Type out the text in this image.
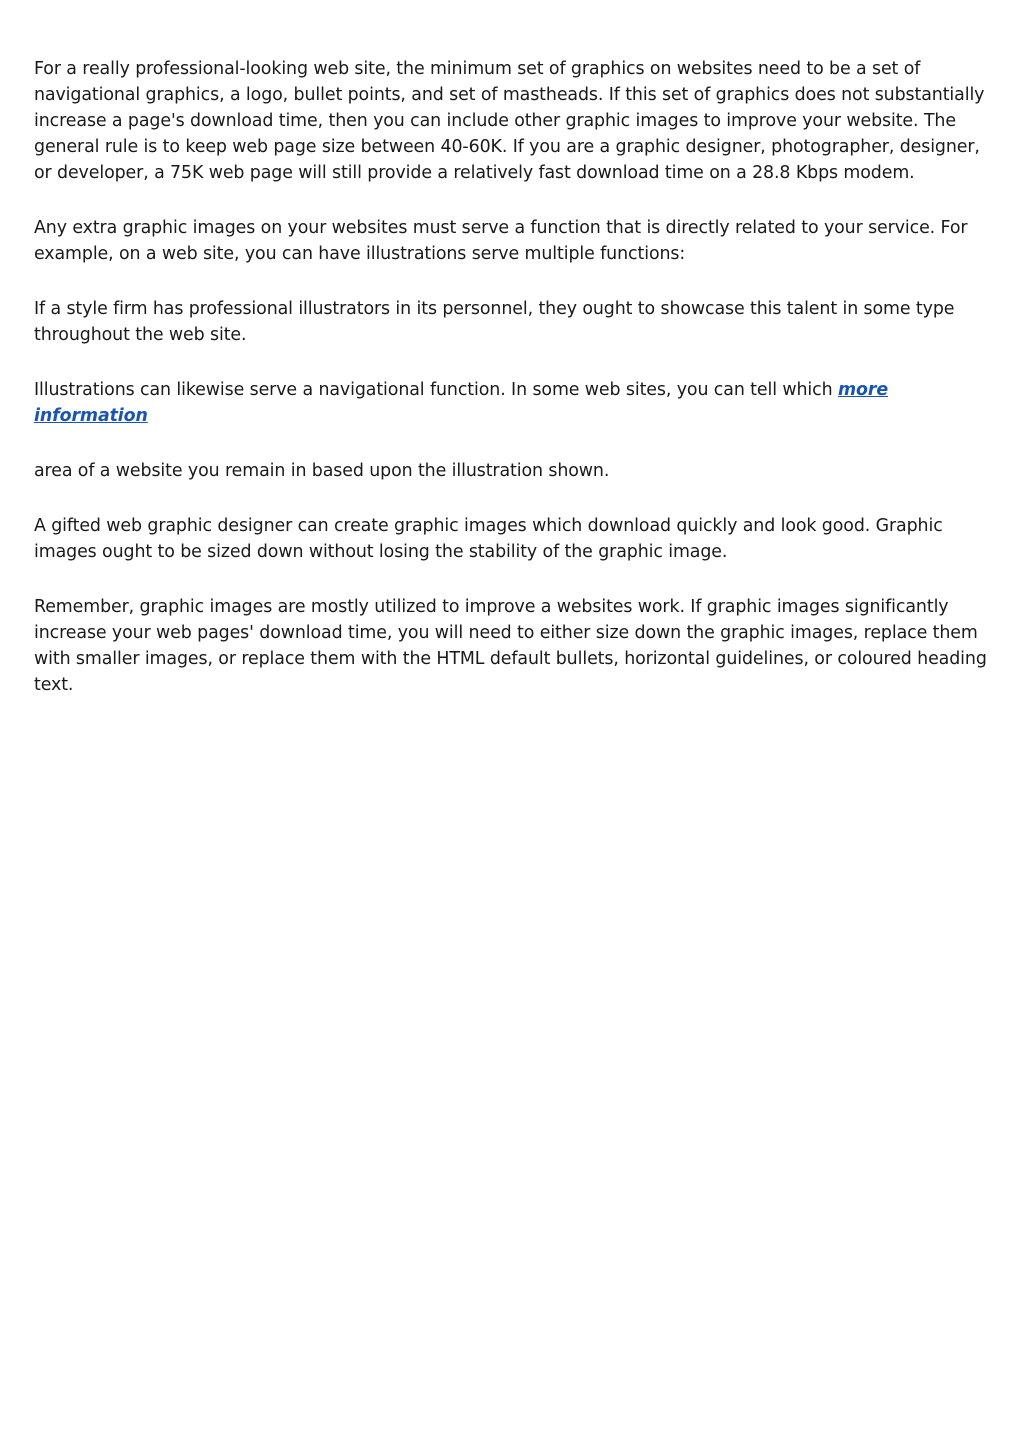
For a really professional-looking web site, the minimum set of graphics on websites need to be a set of navigational graphics, a logo, bullet points, and set of mastheads. If this set of graphics does not substantially increase a page's download time, then you can include other graphic images to improve your website. The general rule is to keep web page size between 40-60K. If you are a graphic designer, photographer, designer, or developer, a 75K web page will still provide a relatively fast download time on a 28.8 Kbps modem.

Any extra graphic images on your websites must serve a function that is directly related to your service. For example, on a web site, you can have illustrations serve multiple functions:

If a style firm has professional illustrators in its personnel, they ought to showcase this talent in some type throughout the web site.

Illustrations can likewise serve a navigational function. In some web sites, you can tell which more information

area of a website you remain in based upon the illustration shown.

A gifted web graphic designer can create graphic images which download quickly and look good. Graphic images ought to be sized down without losing the stability of the graphic image.

Remember, graphic images are mostly utilized to improve a websites work. If graphic images significantly increase your web pages' download time, you will need to either size down the graphic images, replace them with smaller images, or replace them with the HTML default bullets, horizontal guidelines, or coloured heading text.
